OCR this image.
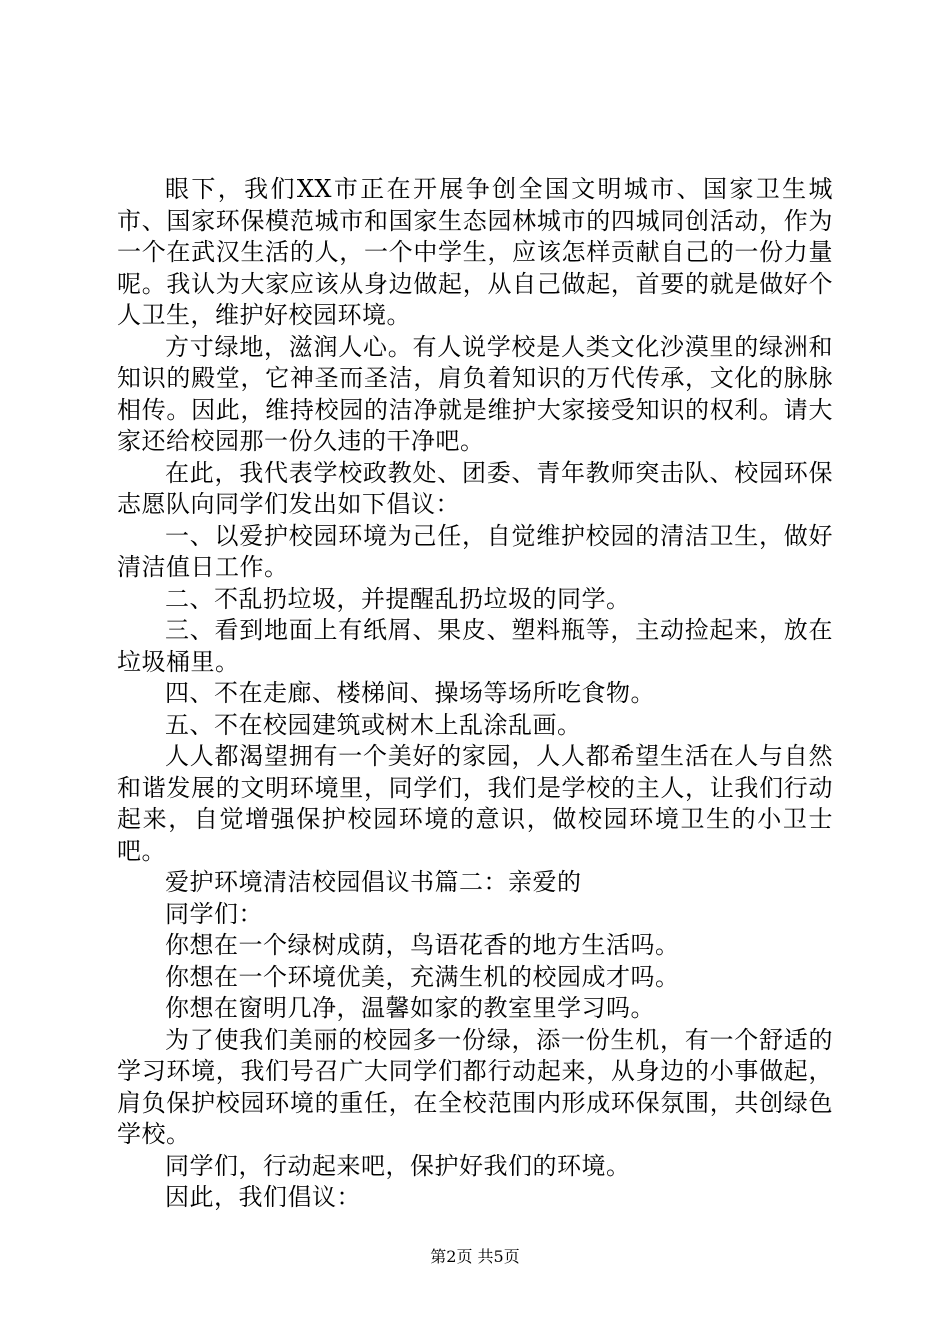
眼下，我们XX市正在开展争创全国文明城市、国家卫生城市、国家环保模范城市和国家生态园林城市的四城同创活动，作为一个在武汉生活的人，一个中学生，应该怎样贡献自己的一份力量呢。我认为大家应该从身边做起，从自己做起，首要的就是做好个人卫生，维护好校园环境。

方寸绿地，滋润人心。有人说学校是人类文化沙漠里的绿洲和知识的殿堂，它神圣而圣洁，肩负着知识的万代传承，文化的脉脉相传。因此，维持校园的洁净就是维护大家接受知识的权利。请大家还给校园那一份久违的干净吧。

在此，我代表学校政教处、团委、青年教师突击队、校园环保志愿队向同学们发出如下倡议：

一、以爱护校园环境为己任，自觉维护校园的清洁卫生，做好清洁值日工作。

二、不乱扔垃圾，并提醒乱扔垃圾的同学。

三、看到地面上有纸屑、果皮、塑料瓶等，主动捡起来，放在垃圾桶里。

四、不在走廊、楼梯间、操场等场所吃食物。

五、不在校园建筑或树木上乱涂乱画。

人人都渴望拥有一个美好的家园，人人都希望生活在人与自然和谐发展的文明环境里，同学们，我们是学校的主人，让我们行动起来，自觉增强保护校园环境的意识，做校园环境卫生的小卫士吧。

爱护环境清洁校园倡议书篇二：亲爱的

同学们：

你想在一个绿树成荫，鸟语花香的地方生活吗。

你想在一个环境优美，充满生机的校园成才吗。

你想在窗明几净，温馨如家的教室里学习吗。

为了使我们美丽的校园多一份绿，添一份生机，有一个舒适的学习环境，我们号召广大同学们都行动起来，从身边的小事做起，肩负保护校园环境的重任，在全校范围内形成环保氛围，共创绿色学校。

同学们，行动起来吧，保护好我们的环境。

因此，我们倡议：

第2页 共5页
